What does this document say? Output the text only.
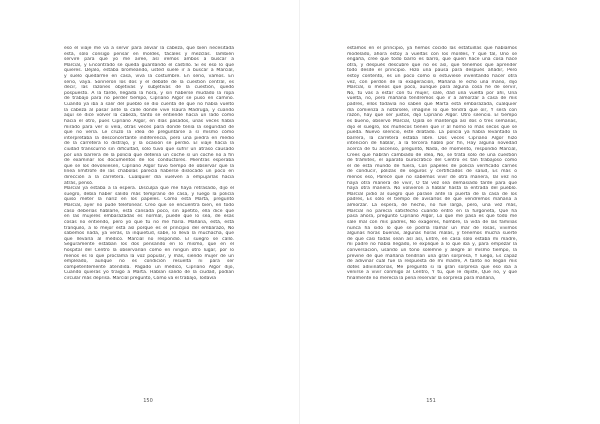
eso el viaje me va a servir para aliviar la cabeza, que bien necesitada
está, sólo consigo pensar en moldes, tácales y mezclas. También
serviré para que yo me airee, así iremos ambos a buscar a
Marcial, y Encontrado se queda guardando el castillo. Si es eso lo que
quieres. Déjalo, estaba bromeando, usted suele ir a buscar a Marcial,
y suelo quedarme en casa, viva la costumbre. En serio, vamos. En
serio, vaya. Sonrieron los dos y el debate de la cuestión central, es
decir, las razones objetivas y subjetivas de la cuestión, quedó
pospuesto. A la tarde, llegada la hora, y sin haberse mudado la ropa
de trabajo para no perder tiempo, Cipriano Algor se puso en camino.
Cuando ya iba a salir del pueblo se dio cuenta de que no había vuelto
la cabeza al pasar ante la calle donde vive Isaura Madruga, y cuando
aquí se dice volver la cabeza, tanto se entiende hacia un lado como
hacia el otro, pues Cipriano Algor, en días pasados, unas veces había
mirado para ver si veía, otras veces para donde tenía la seguridad de
que no vería. Le cruzó la idea de preguntarse a sí mismo cómo
interpretaba la desconcertante indiferencia, pero una piedra en medio
de la carretera lo distrajo, y la ocasión se perdió. El viaje hacia la
ciudad transcurrió sin dificultad, sólo tuvo que sufrir un atraso causado
por una barrera de la policía que detenía un coche sí un coche no a fin
de examinar los documentos de los conductores. Mientras esperaba
que se los devolviesen, Cipriano Algor tuvo tiempo de observar que la
línea limítrofe de las chabolas parecía haberse dislocado un poco en
dirección a la carretera. Cualquier día vuelven a empujarlas hacia
atrás, pensó.
Marcial ya estaba a la espera. Disculpa que me haya retrasado, dijo el
suegro, debía haber salido más temprano de casa, y luego la policía
quiso meter la nariz en los papeles. Cómo está Marta, preguntó
Marcial, ayer no pude telefonear. Creo que se encuentra bien, en todo
caso deberías hablarle, está cansada poco, sin apetito, ella dice que
en las mujeres embarazadas es normal, puede que lo sea, de esas
cosas no entiendo, pero yo que tú no me fiaría. Mañana, está, está
tranquilo, a lo mejor está así porque es el principio del embarazo, No
sabemos nada, ya verás, la inquietud, sabe, lo lleva la muchacha, que
que llevaría al médico. Marcial no respondió. El suegro se calló.
Seguramente estaban los dos pensando en lo mismo, que en el
hospital del Centro la observarían como en ningún otro lugar, por lo
menos es lo que proclama la voz popular, y más, siendo mujer de un
empleado, aunque no es condición resuelta ni para ser
competentemente atendida. Pagado un médico, Cipriano Algor dijo,
Cuando quieras yo traigo a Marta. Habían salido de la ciudad, podían
circular más deprisa. Marcial preguntó, Cómo va el trabajo, Todavía
150
estamos en el principio, ya hemos cocido las estatuillas que habíamos
modelado, ahora estoy a vueltas con los moldes, Y qué tal, Uno se
engaña, cree que todo barro es barro, que quien hace una cosa hace
otra, y después descubre que no es así, que tenemos que aprender
todo desde el principio. Hizo una pausa para después añadir, Pero
estoy contento, es un poco como si estuviese inventando hacer otra
vez, con perdón de la exageración, Mañana le echo una mano, dijo
Marcial, si menos que poco, aunque para alguna cosa he de servir,
No, tú vas a estar con tu mujer, sale, dad una vuelta por ahí, Una
vuelta, no, pero mañana tendremos que ir a almorzar a casa de mis
padres, ellos todavía no saben que Marta está embarazada, cualquier
día comienza a notársele, imagine lo que tendrá que oír, Y será con
razón, hay que ser justos, dijo Cipriano Algor. Otro silencio. El tiempo
es bueno, observó Marcial, Ojalá se mantenga así dos o tres semanas,
dijo el suegro, los muñecos tienen que ir al horno lo más secos que se
pueda. Nuevo silencio, éste dilatado. La policía ya había levantado la
barrera, la carretera estaba libre. Dos veces Cipriano Algor hizo
intención de hablar, a la tercera habló por fin, Hay alguna novedad
acerca de tu ascenso, preguntó, Nada, de momento, respondió Marcial,
Crees que habrán cambiado de idea, No, se trata sólo de una cuestión
de trámites, el aparato burocrático del Centro es tan trabajoso como
el de esta mundo de fuera, Con papeles de policía verificado carnés
de conducir, pólizas de seguros y certificados de salud, Es más o
menos eso, Parece que no sabemos vivir de otra manera, Tal vez no
haya otra manera de vivir, O tal vez sea demasiado tarde para que
haya otra manera. No volvieron a hablar hasta la entrada del pueblo.
Marcial pidió al suegro que parase ante la puerta de la casa de los
padres, Es sólo el tiempo de avisarlos de que vendremos mañana a
almorzar. La espera, de hecho, no fue larga, pero, una vez más,
Marcial no parecía satisfecho cuando entró en la furgoneta, Qué ha
pasa ahora, preguntó Cipriano Algor, Lo que me pasa es que todo me
sale mal con mis padres, No exageres, hombre, la vida de las familias
nunca ha sido lo que se podría llamar un mar de rosas, vivimos
algunas horas buenas, algunas horas malas, y tenemos mucha suerte
de que casi todas sean así así, Entré, en casa sólo estaba mi madre,
mi padre no había llegado, le expliqué a lo que iba y, para empezar la
conversación, usando un tono solemne y alegre al mismo tiempo, la
previne de que mañana tendrían una gran sorpresa, Y luego, Es capaz
de adivinar cuál fue la respuesta de mi madre, A tanto no llegan mis
dotes adivinatorias, Me preguntó si la gran sorpresa que eso iba a
venirse a vivir conmigo al Centro, Y tú, qué le dijiste, Que no, y que
finalmente no merecía la pena reservar la sorpresa para mañana,
151
